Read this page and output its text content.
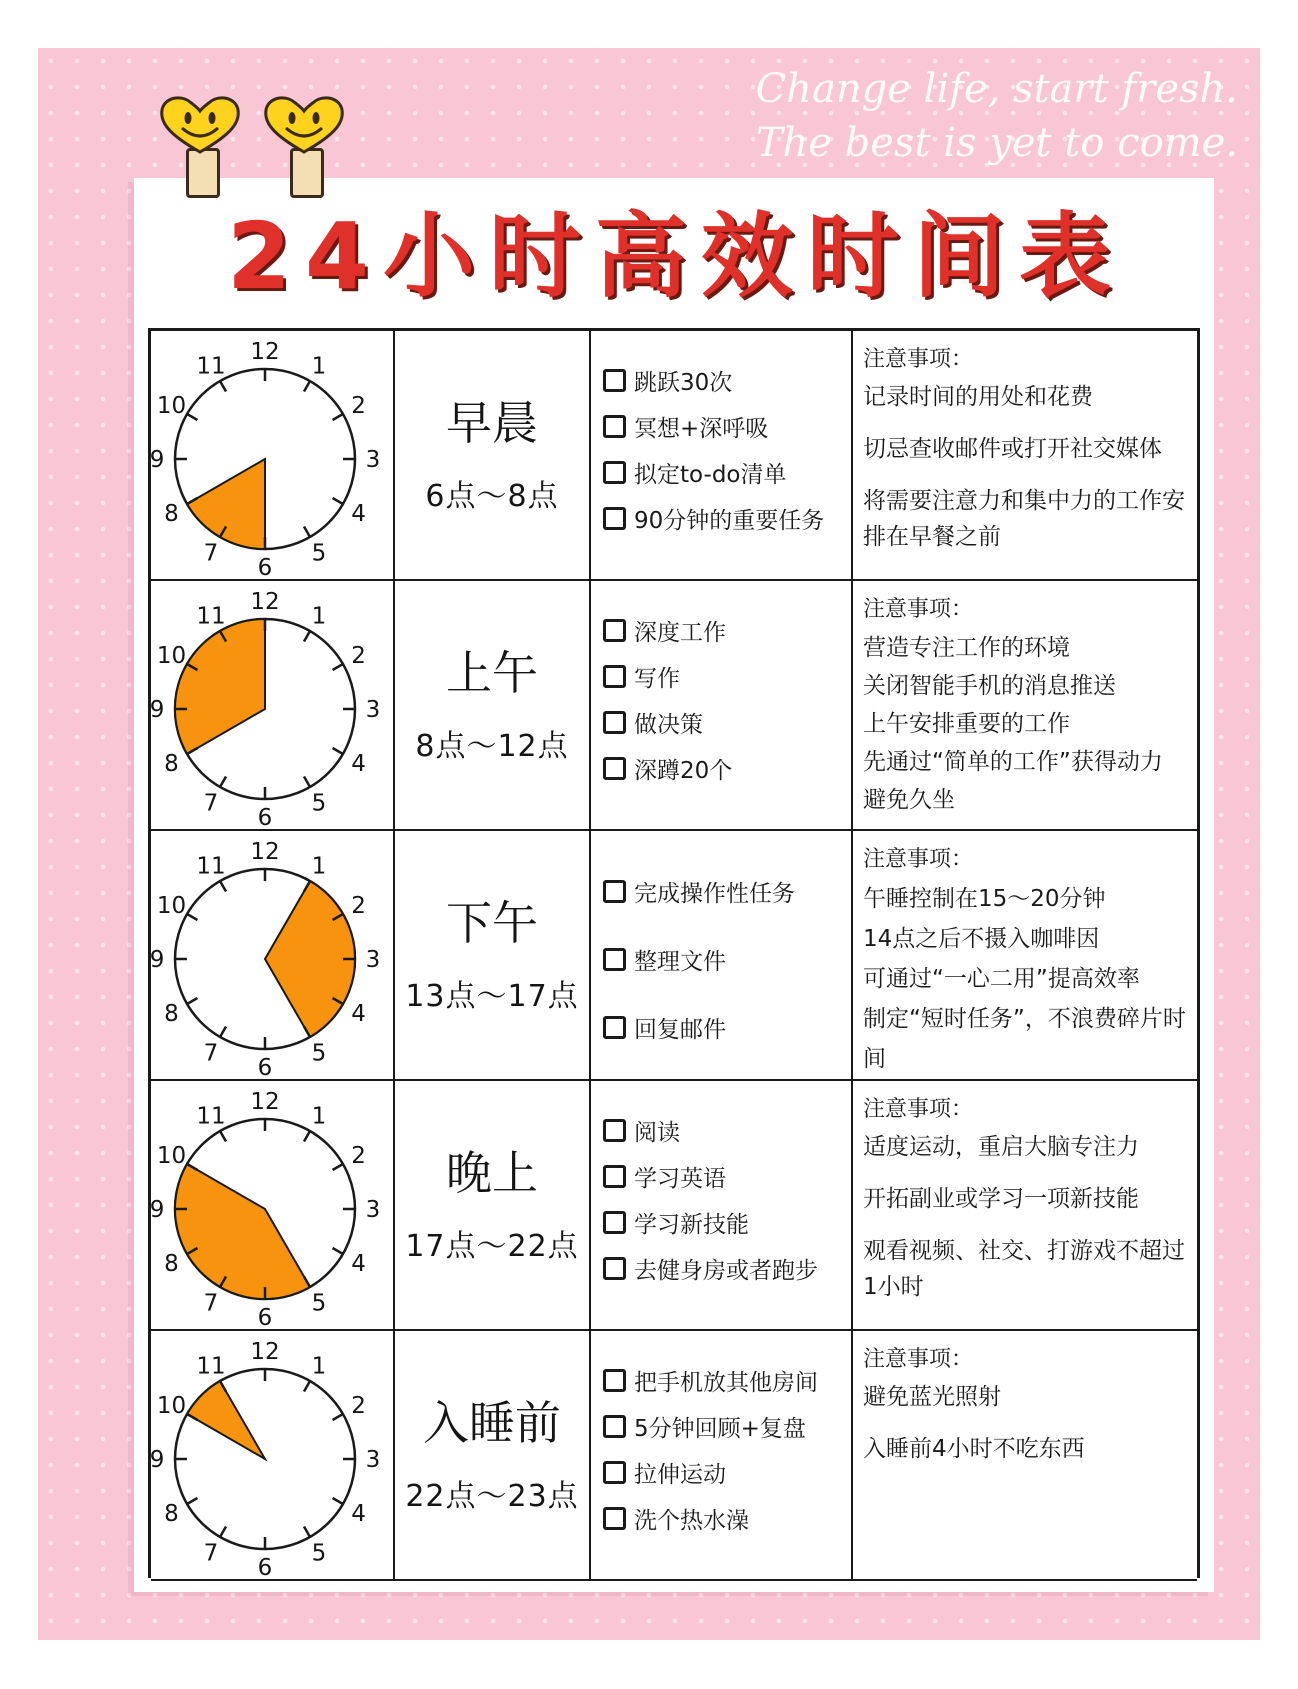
Change life, start fresh.
The best is yet to come.
24小时高效时间表
12
1
2
3
4
5
6
7
8
9
10
11
早晨
6点～8点
跳跃30次
冥想+深呼吸
拟定to-do清单
90分钟的重要任务
注意事项：
记录时间的用处和花费
切忌查收邮件或打开社交媒体
将需要注意力和集中力的工作安排在早餐之前
12
1
2
3
4
5
6
7
8
9
10
11
上午
8点～12点
深度工作
写作
做决策
深蹲20个
注意事项：
营造专注工作的环境
关闭智能手机的消息推送
上午安排重要的工作
先通过“简单的工作”获得动力
避免久坐
12
1
2
3
4
5
6
7
8
9
10
11
下午
13点～17点
完成操作性任务
整理文件
回复邮件
注意事项：
午睡控制在15～20分钟
14点之后不摄入咖啡因
可通过“一心二用”提高效率
制定“短时任务”，不浪费碎片时间
12
1
2
3
4
5
6
7
8
9
10
11
晚上
17点～22点
阅读
学习英语
学习新技能
去健身房或者跑步
注意事项：
适度运动，重启大脑专注力
开拓副业或学习一项新技能
观看视频、社交、打游戏不超过1小时
12
1
2
3
4
5
6
7
8
9
10
11
入睡前
22点～23点
把手机放其他房间
5分钟回顾+复盘
拉伸运动
洗个热水澡
注意事项：
避免蓝光照射
入睡前4小时不吃东西
